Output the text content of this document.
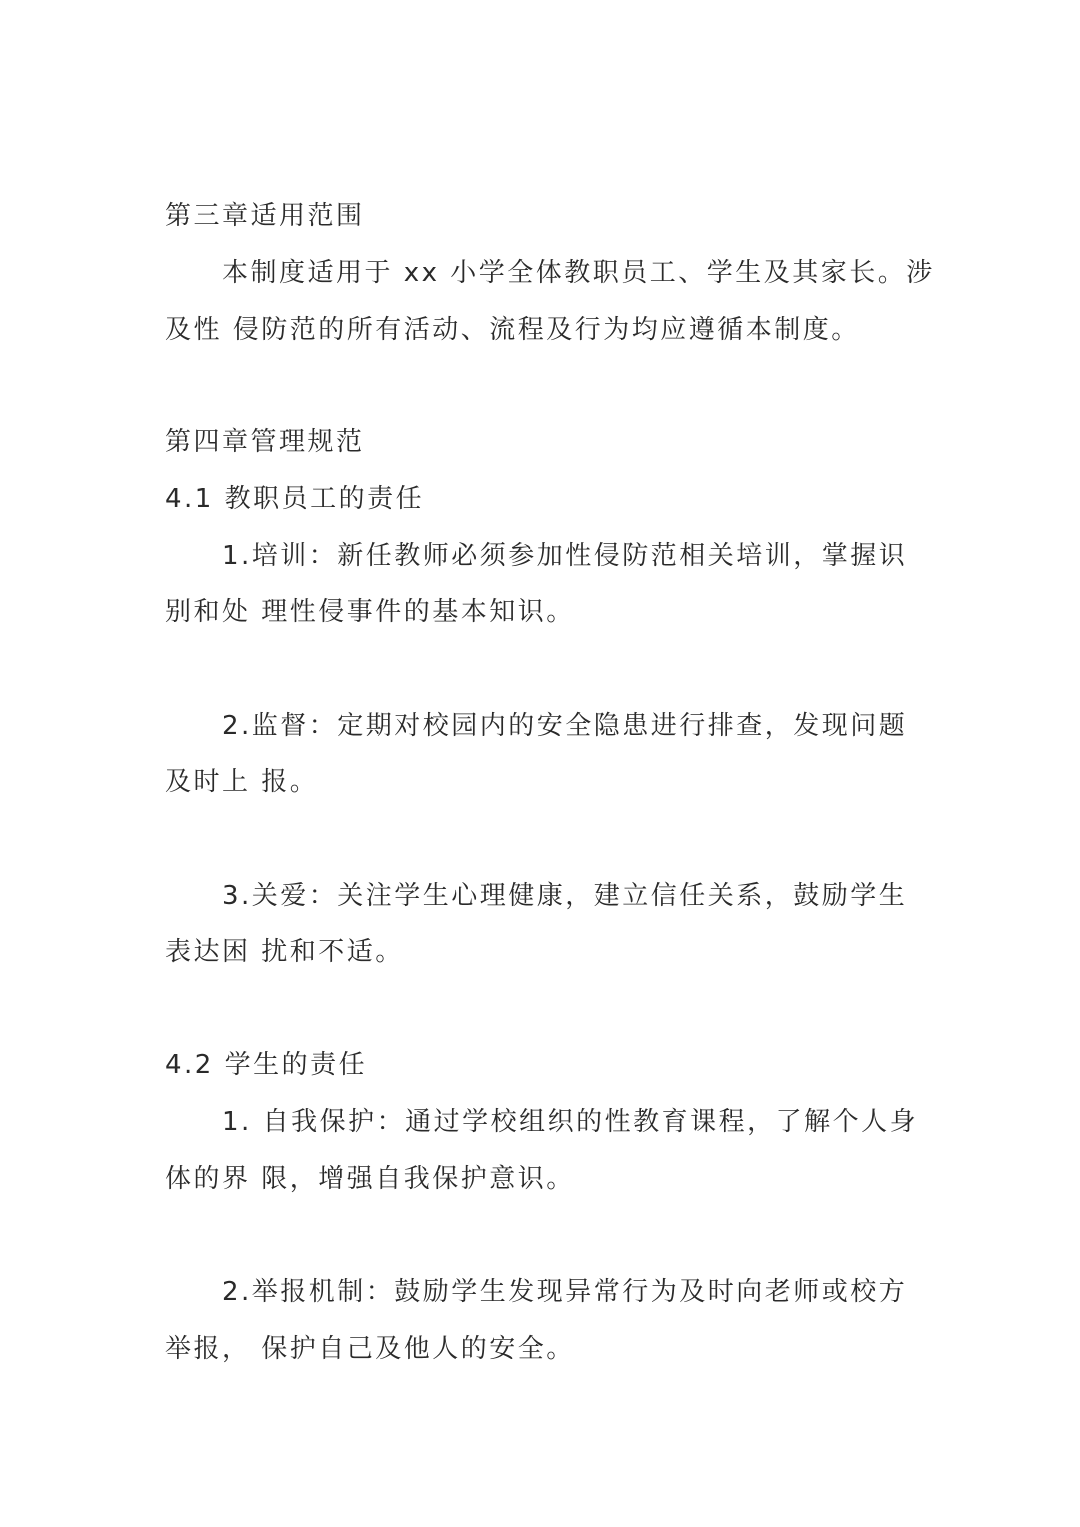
第三章适用范围
本制度适用于 xx 小学全体教职员工、学生及其家长。涉
及性 侵防范的所有活动、流程及行为均应遵循本制度。
第四章管理规范
4.1 教职员工的责任
1.培训：新任教师必须参加性侵防范相关培训，掌握识
别和处 理性侵事件的基本知识。
2.监督：定期对校园内的安全隐患进行排查，发现问题
及时上 报。
3.关爱：关注学生心理健康，建立信任关系，鼓励学生
表达困 扰和不适。
4.2 学生的责任
1. 自我保护：通过学校组织的性教育课程，了解个人身
体的界 限，增强自我保护意识。
2.举报机制：鼓励学生发现异常行为及时向老师或校方
举报， 保护自己及他人的安全。
